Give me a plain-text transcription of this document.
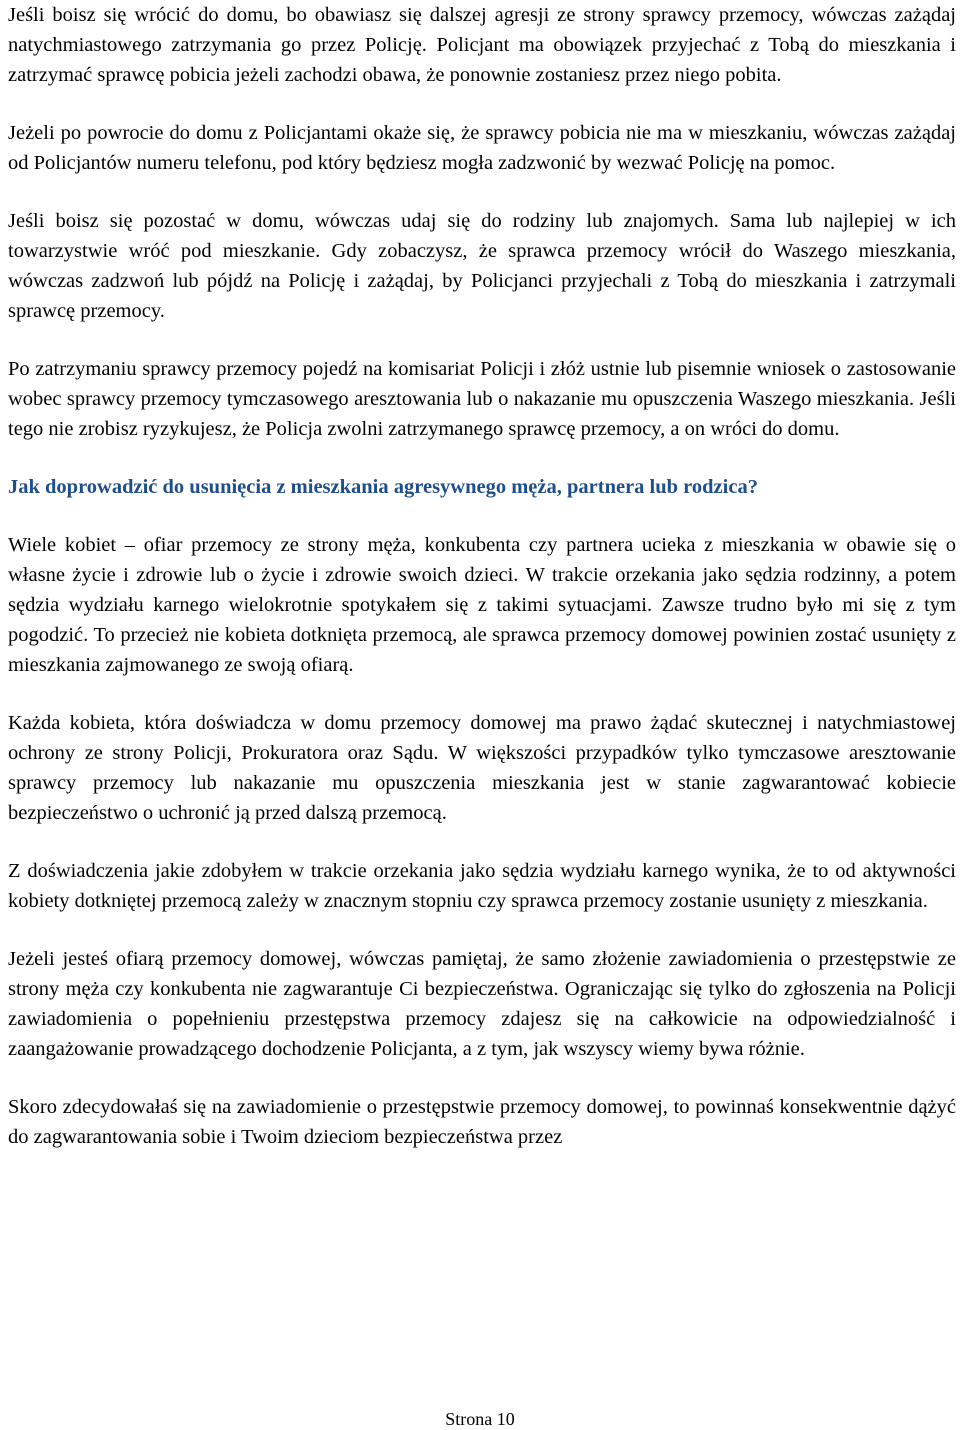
Jeśli boisz się wrócić do domu, bo obawiasz się dalszej agresji ze strony sprawcy przemocy, wówczas zażądaj natychmiastowego zatrzymania go przez Policję. Policjant ma obowiązek przyjechać z Tobą do mieszkania i zatrzymać sprawcę pobicia jeżeli zachodzi obawa, że ponownie zostaniesz przez niego pobita.

Jeżeli po powrocie do domu z Policjantami okaże się, że sprawcy pobicia nie ma w mieszkaniu, wówczas zażądaj od Policjantów numeru telefonu, pod który będziesz mogła zadzwonić by wezwać Policję na pomoc.

Jeśli boisz się pozostać w domu, wówczas udaj się do rodziny lub znajomych. Sama lub najlepiej w ich towarzystwie wróć pod mieszkanie. Gdy zobaczysz, że sprawca przemocy wrócił do Waszego mieszkania, wówczas zadzwoń lub pójdź na Policję i zażądaj, by Policjanci przyjechali z Tobą do mieszkania i zatrzymali sprawcę przemocy.

Po zatrzymaniu sprawcy przemocy pojedź na komisariat Policji i złóż ustnie lub pisemnie wniosek o zastosowanie wobec sprawcy przemocy tymczasowego aresztowania lub o nakazanie mu opuszczenia Waszego mieszkania. Jeśli tego nie zrobisz ryzykujesz, że Policja zwolni zatrzymanego sprawcę przemocy, a on wróci do domu.

Jak doprowadzić do usunięcia z mieszkania agresywnego męża, partnera lub rodzica?

Wiele kobiet – ofiar przemocy ze strony męża, konkubenta czy partnera ucieka z mieszkania w obawie się o własne życie i zdrowie lub o życie i zdrowie swoich dzieci. W trakcie orzekania jako sędzia rodzinny, a potem sędzia wydziału karnego wielokrotnie spotykałem się z takimi sytuacjami. Zawsze trudno było mi się z tym pogodzić. To przecież nie kobieta dotknięta przemocą, ale sprawca przemocy domowej powinien zostać usunięty z mieszkania zajmowanego ze swoją ofiarą.

Każda kobieta, która doświadcza w domu przemocy domowej ma prawo żądać skutecznej i natychmiastowej ochrony ze strony Policji, Prokuratora oraz Sądu. W większości przypadków tylko tymczasowe aresztowanie sprawcy przemocy lub nakazanie mu opuszczenia mieszkania jest w stanie zagwarantować kobiecie bezpieczeństwo o uchronić ją przed dalszą przemocą.

Z doświadczenia jakie zdobyłem w trakcie orzekania jako sędzia wydziału karnego wynika, że to od aktywności kobiety dotkniętej przemocą zależy w znacznym stopniu czy sprawca przemocy zostanie usunięty z mieszkania.

Jeżeli jesteś ofiarą przemocy domowej, wówczas pamiętaj, że samo złożenie zawiadomienia o przestępstwie ze strony męża czy konkubenta nie zagwarantuje Ci bezpieczeństwa. Ograniczając się tylko do zgłoszenia na Policji zawiadomienia o popełnieniu przestępstwa przemocy zdajesz się na całkowicie na odpowiedzialność i zaangażowanie prowadzącego dochodzenie Policjanta, a z tym, jak wszyscy wiemy bywa różnie.

Skoro zdecydowałaś się na zawiadomienie o przestępstwie przemocy domowej, to powinnaś konsekwentnie dążyć do zagwarantowania sobie i Twoim dzieciom bezpieczeństwa przez

Strona 10
